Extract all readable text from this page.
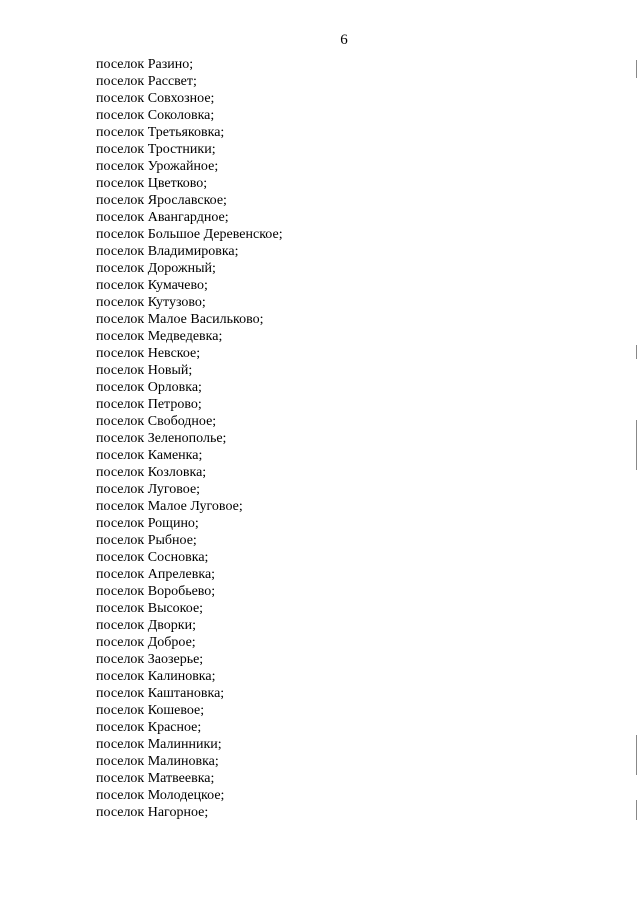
6
поселок Разино;
поселок Рассвет;
поселок Совхозное;
поселок Соколовка;
поселок Третьяковка;
поселок Тростники;
поселок Урожайное;
поселок Цветково;
поселок Ярославское;
поселок Авангардное;
поселок Большое Деревенское;
поселок Владимировка;
поселок Дорожный;
поселок Кумачево;
поселок Кутузово;
поселок Малое Васильково;
поселок Медведевка;
поселок Невское;
поселок Новый;
поселок Орловка;
поселок Петрово;
поселок Свободное;
поселок Зеленополье;
поселок Каменка;
поселок Козловка;
поселок Луговое;
поселок Малое Луговое;
поселок Рощино;
поселок Рыбное;
поселок Сосновка;
поселок Апрелевка;
поселок Воробьево;
поселок Высокое;
поселок Дворки;
поселок Доброе;
поселок Заозерье;
поселок Калиновка;
поселок Каштановка;
поселок Кошевое;
поселок Красное;
поселок Малинники;
поселок Малиновка;
поселок Матвеевка;
поселок Молодецкое;
поселок Нагорное;
